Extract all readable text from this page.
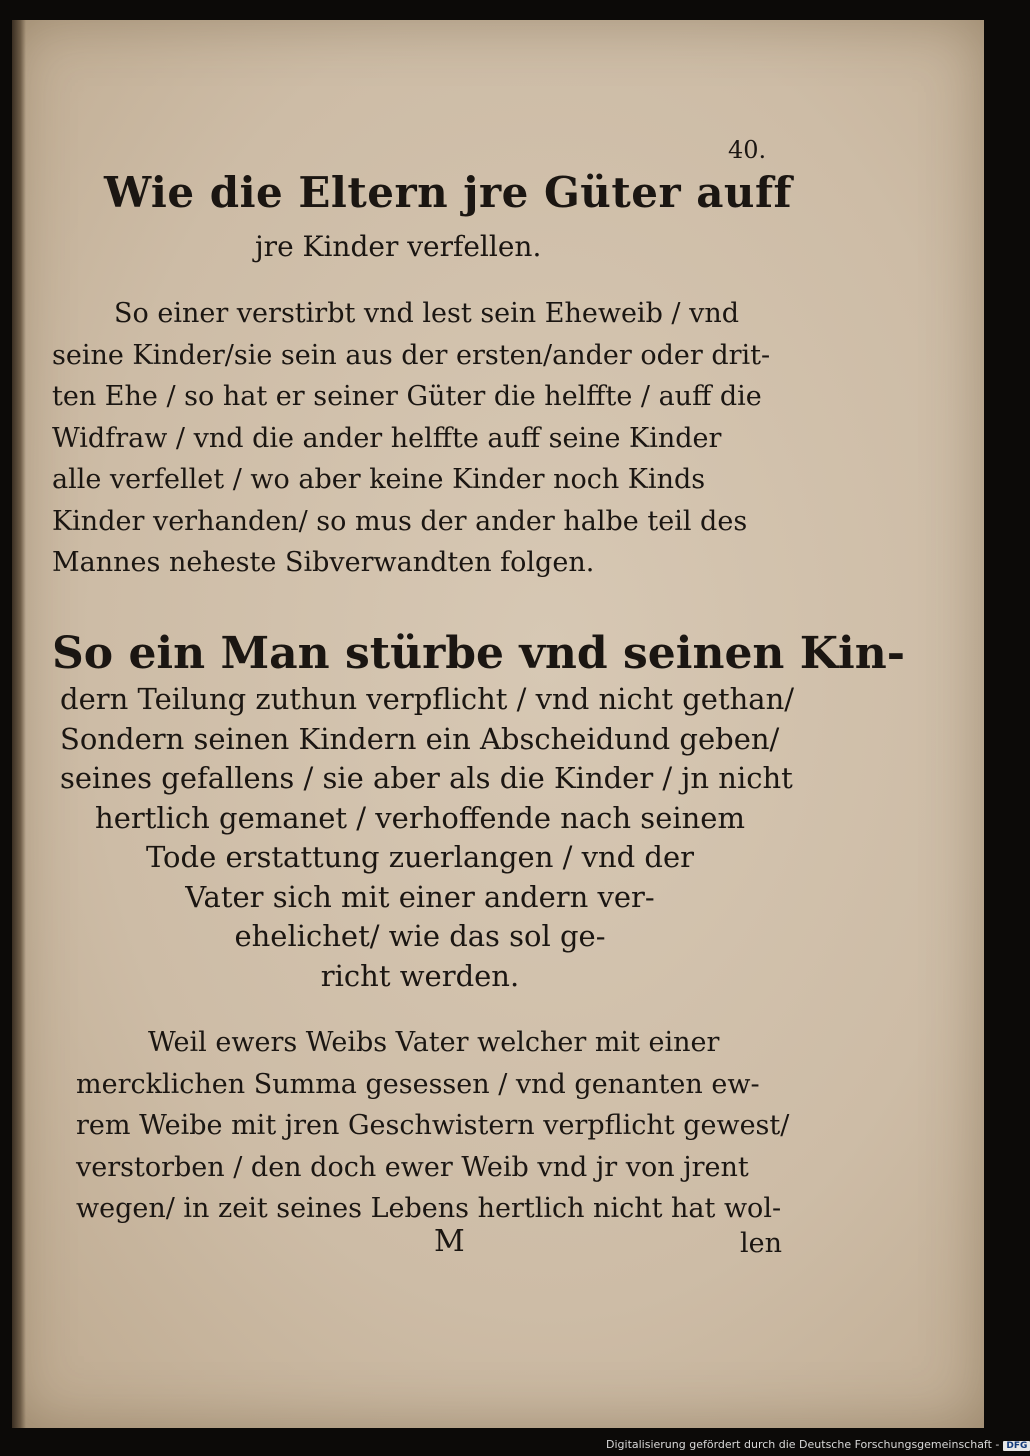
40.
Wie die Eltern jre Güter auff
jre Kinder verfellen.
So einer verstirbt vnd lest sein Eheweib / vnd
seine Kinder/sie sein aus der ersten/ander oder drit-
ten Ehe / so hat er seiner Güter die helffte / auff die
Widfraw / vnd die ander helffte auff seine Kinder
alle verfellet / wo aber keine Kinder noch Kinds
Kinder verhanden/ so mus der ander halbe teil des
Mannes neheste Sibverwandten folgen.
So ein Man stürbe vnd seinen Kin-
dern Teilung zuthun verpflicht / vnd nicht gethan/
Sondern seinen Kindern ein Abscheidund geben/
seines gefallens / sie aber als die Kinder / jn nicht
hertlich gemanet / verhoffende nach seinem
Tode erstattung zuerlangen / vnd der
Vater sich mit einer andern ver-
ehelichet/ wie das sol ge-
richt werden.
Weil ewers Weibs Vater welcher mit einer
mercklichen Summa gesessen / vnd genanten ew-
rem Weibe mit jren Geschwistern verpflicht gewest/
verstorben / den doch ewer Weib vnd jr von jrent
wegen/ in zeit seines Lebens hertlich nicht hat wol-
M	len
Digitalisierung gefördert durch die Deutsche Forschungsgemeinschaft - DFG
